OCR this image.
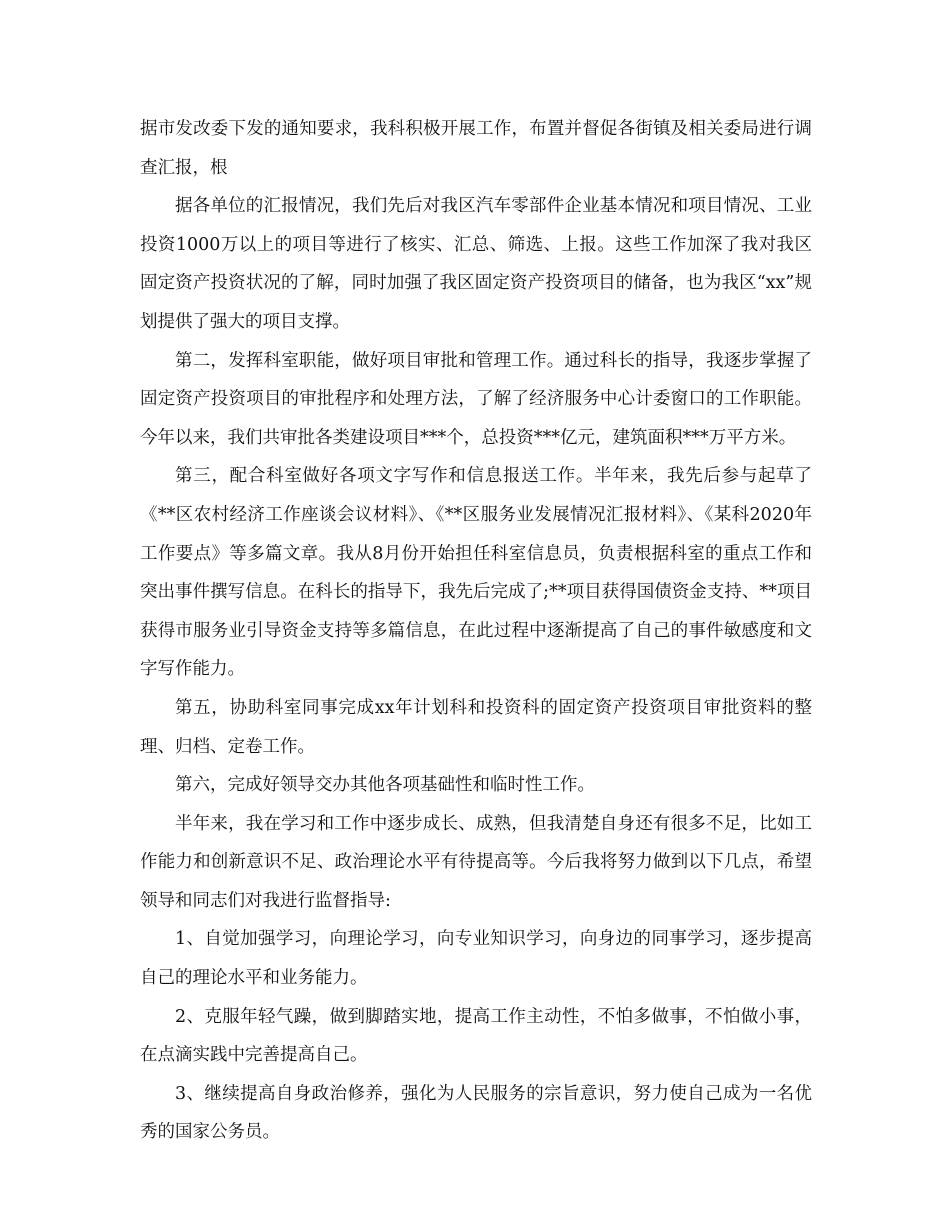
据市发改委下发的通知要求，我科积极开展工作，布置并督促各街镇及相关委局进行调查汇报，根

据各单位的汇报情况，我们先后对我区汽车零部件企业基本情况和项目情况、工业投资1000万以上的项目等进行了核实、汇总、筛选、上报。这些工作加深了我对我区固定资产投资状况的了解，同时加强了我区固定资产投资项目的储备，也为我区“xx”规划提供了强大的项目支撑。

第二，发挥科室职能，做好项目审批和管理工作。通过科长的指导，我逐步掌握了固定资产投资项目的审批程序和处理方法，了解了经济服务中心计委窗口的工作职能。今年以来，我们共审批各类建设项目***个，总投资***亿元，建筑面积***万平方米。

第三，配合科室做好各项文字写作和信息报送工作。半年来，我先后参与起草了《**区农村经济工作座谈会议材料》、《**区服务业发展情况汇报材料》、《某科2020年工作要点》等多篇文章。我从8月份开始担任科室信息员，负责根据科室的重点工作和突出事件撰写信息。在科长的指导下，我先后完成了;**项目获得国债资金支持、**项目获得市服务业引导资金支持等多篇信息，在此过程中逐渐提高了自己的事件敏感度和文字写作能力。

第五，协助科室同事完成xx年计划科和投资科的固定资产投资项目审批资料的整理、归档、定卷工作。

第六，完成好领导交办其他各项基础性和临时性工作。

半年来，我在学习和工作中逐步成长、成熟，但我清楚自身还有很多不足，比如工作能力和创新意识不足、政治理论水平有待提高等。今后我将努力做到以下几点，希望领导和同志们对我进行监督指导:

1、自觉加强学习，向理论学习，向专业知识学习，向身边的同事学习，逐步提高自己的理论水平和业务能力。

2、克服年轻气躁，做到脚踏实地，提高工作主动性，不怕多做事，不怕做小事，在点滴实践中完善提高自己。

3、继续提高自身政治修养，强化为人民服务的宗旨意识，努力使自己成为一名优秀的国家公务员。
